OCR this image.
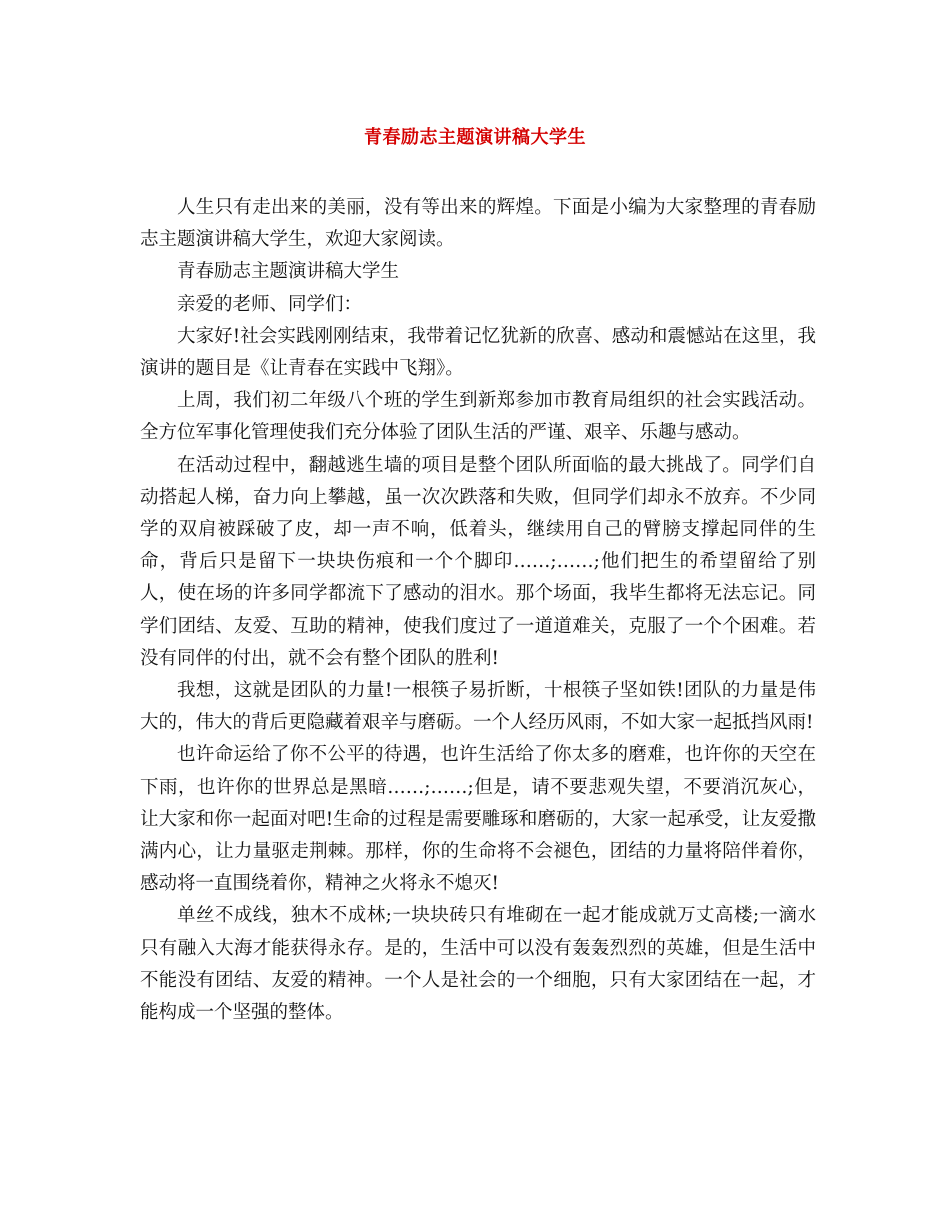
青春励志主题演讲稿大学生

人生只有走出来的美丽，没有等出来的辉煌。下面是小编为大家整理的青春励志主题演讲稿大学生，欢迎大家阅读。

青春励志主题演讲稿大学生

亲爱的老师、同学们：

大家好!社会实践刚刚结束，我带着记忆犹新的欣喜、感动和震憾站在这里，我演讲的题目是《让青春在实践中飞翔》。

上周，我们初二年级八个班的学生到新郑参加市教育局组织的社会实践活动。全方位军事化管理使我们充分体验了团队生活的严谨、艰辛、乐趣与感动。

在活动过程中，翻越逃生墙的项目是整个团队所面临的最大挑战了。同学们自动搭起人梯，奋力向上攀越，虽一次次跌落和失败，但同学们却永不放弃。不少同学的双肩被踩破了皮，却一声不响，低着头，继续用自己的臂膀支撑起同伴的生命，背后只是留下一块块伤痕和一个个脚印……;……;他们把生的希望留给了别人，使在场的许多同学都流下了感动的泪水。那个场面，我毕生都将无法忘记。同学们团结、友爱、互助的精神，使我们度过了一道道难关，克服了一个个困难。若没有同伴的付出，就不会有整个团队的胜利!

我想，这就是团队的力量!一根筷子易折断，十根筷子坚如铁!团队的力量是伟大的，伟大的背后更隐藏着艰辛与磨砺。一个人经历风雨，不如大家一起抵挡风雨!

也许命运给了你不公平的待遇，也许生活给了你太多的磨难，也许你的天空在下雨，也许你的世界总是黑暗……;……;但是，请不要悲观失望，不要消沉灰心，让大家和你一起面对吧!生命的过程是需要雕琢和磨砺的，大家一起承受，让友爱撒满内心，让力量驱走荆棘。那样，你的生命将不会褪色，团结的力量将陪伴着你，感动将一直围绕着你，精神之火将永不熄灭!

单丝不成线，独木不成林;一块块砖只有堆砌在一起才能成就万丈高楼;一滴水只有融入大海才能获得永存。是的，生活中可以没有轰轰烈烈的英雄，但是生活中不能没有团结、友爱的精神。一个人是社会的一个细胞，只有大家团结在一起，才能构成一个坚强的整体。
